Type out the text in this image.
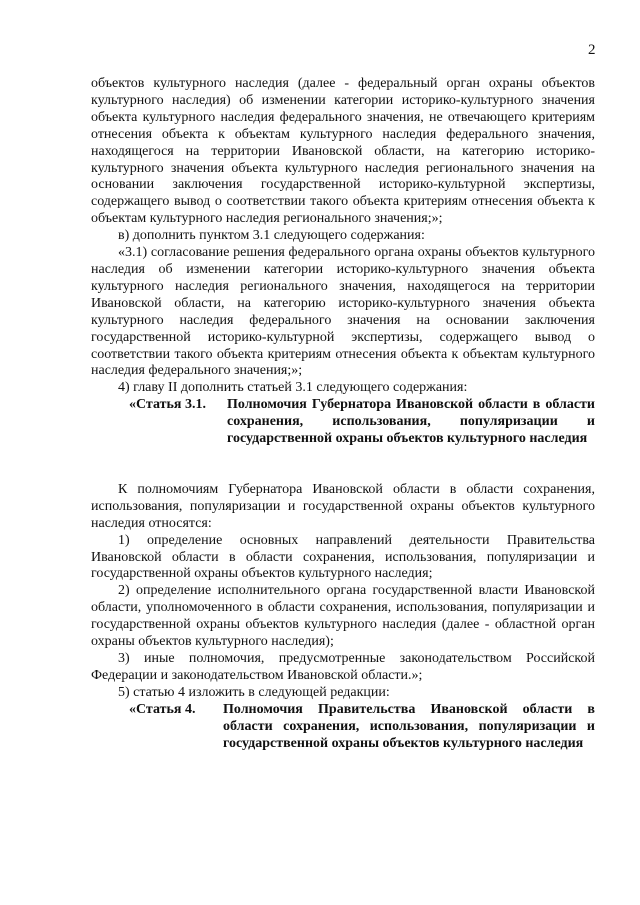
2

объектов культурного наследия (далее - федеральный орган охраны объектов культурного наследия) об изменении категории историко-культурного значения объекта культурного наследия федерального значения, не отвечающего критериям отнесения объекта к объектам культурного наследия федерального значения, находящегося на территории Ивановской области, на категорию историко-культурного значения объекта культурного наследия регионального значения на основании заключения государственной историко-культурной экспертизы, содержащего вывод о соответствии такого объекта критериям отнесения объекта к объектам культурного наследия регионального значения;»;

в) дополнить пунктом 3.1 следующего содержания:

«3.1) согласование решения федерального органа охраны объектов культурного наследия об изменении категории историко-культурного значения объекта культурного наследия регионального значения, находящегося на территории Ивановской области, на категорию историко-культурного значения объекта культурного наследия федерального значения на основании заключения государственной историко-культурной экспертизы, содержащего вывод о соответствии такого объекта критериям отнесения объекта к объектам культурного наследия федерального значения;»;

4) главу II дополнить статьей 3.1 следующего содержания:

«Статья 3.1.	Полномочия Губернатора Ивановской области в области сохранения, использования, популяризации и государственной охраны объектов культурного наследия

К полномочиям Губернатора Ивановской области в области сохранения, использования, популяризации и государственной охраны объектов культурного наследия относятся:

1) определение основных направлений деятельности Правительства Ивановской области в области сохранения, использования, популяризации и государственной охраны объектов культурного наследия;

2) определение исполнительного органа государственной власти Ивановской области, уполномоченного в области сохранения, использования, популяризации и государственной охраны объектов культурного наследия (далее - областной орган охраны объектов культурного наследия);

3) иные полномочия, предусмотренные законодательством Российской Федерации и законодательством Ивановской области.»;

5) статью 4 изложить в следующей редакции:

«Статья 4.	Полномочия Правительства Ивановской области в области сохранения, использования, популяризации и государственной охраны объектов культурного наследия
